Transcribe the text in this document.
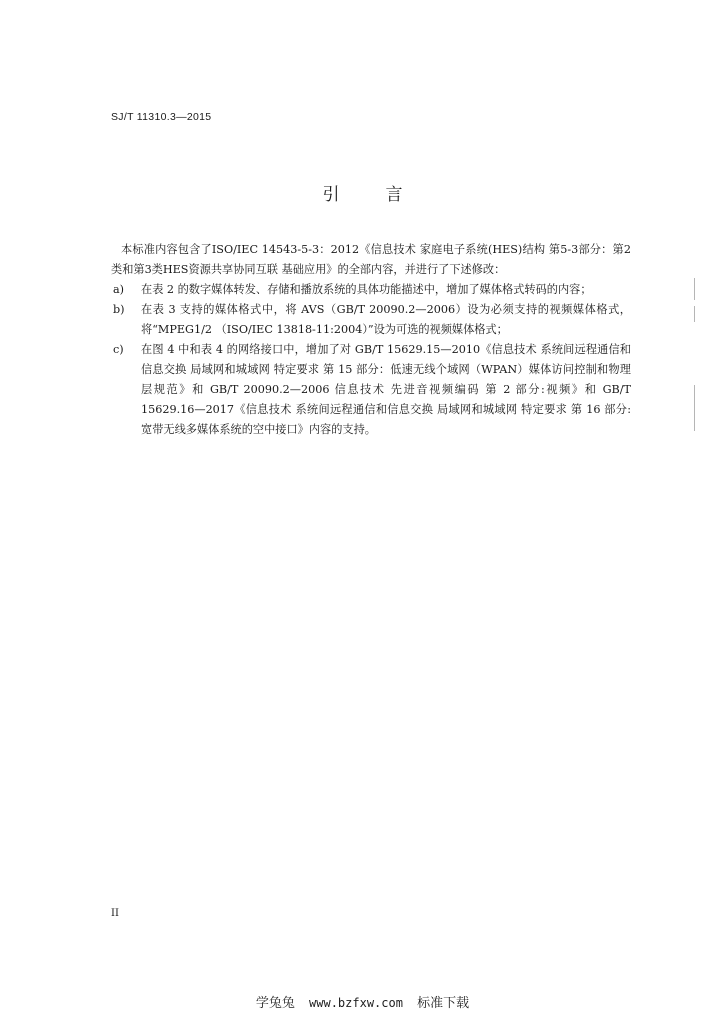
SJ/T 11310.3—2015
引	言

本标准内容包含了ISO/IEC 14543-5-3：2012《信息技术 家庭电子系统(HES)结构 第5-3部分：第2类和第3类HES资源共享协同互联 基础应用》的全部内容，并进行了下述修改：

a)	在表 2 的数字媒体转发、存储和播放系统的具体功能描述中，增加了媒体格式转码的内容；
b)	在表 3 支持的媒体格式中，将 AVS（GB/T 20090.2—2006）设为必须支持的视频媒体格式，将“MPEG1/2 （ISO/IEC 13818-11:2004）”设为可选的视频媒体格式；
c)	在图 4 中和表 4 的网络接口中，增加了对 GB/T 15629.15—2010《信息技术 系统间远程通信和信息交换 局域网和城域网 特定要求 第 15 部分：低速无线个域网（WPAN）媒体访问控制和物理层规范》和 GB/T 20090.2—2006 信息技术 先进音视频编码 第 2 部分:视频》和 GB/T 15629.16—2017《信息技术 系统间远程通信和信息交换 局域网和城域网 特定要求 第 16 部分:宽带无线多媒体系统的空中接口》内容的支持。
II
学兔兔 www.bzfxw.com 标准下载
